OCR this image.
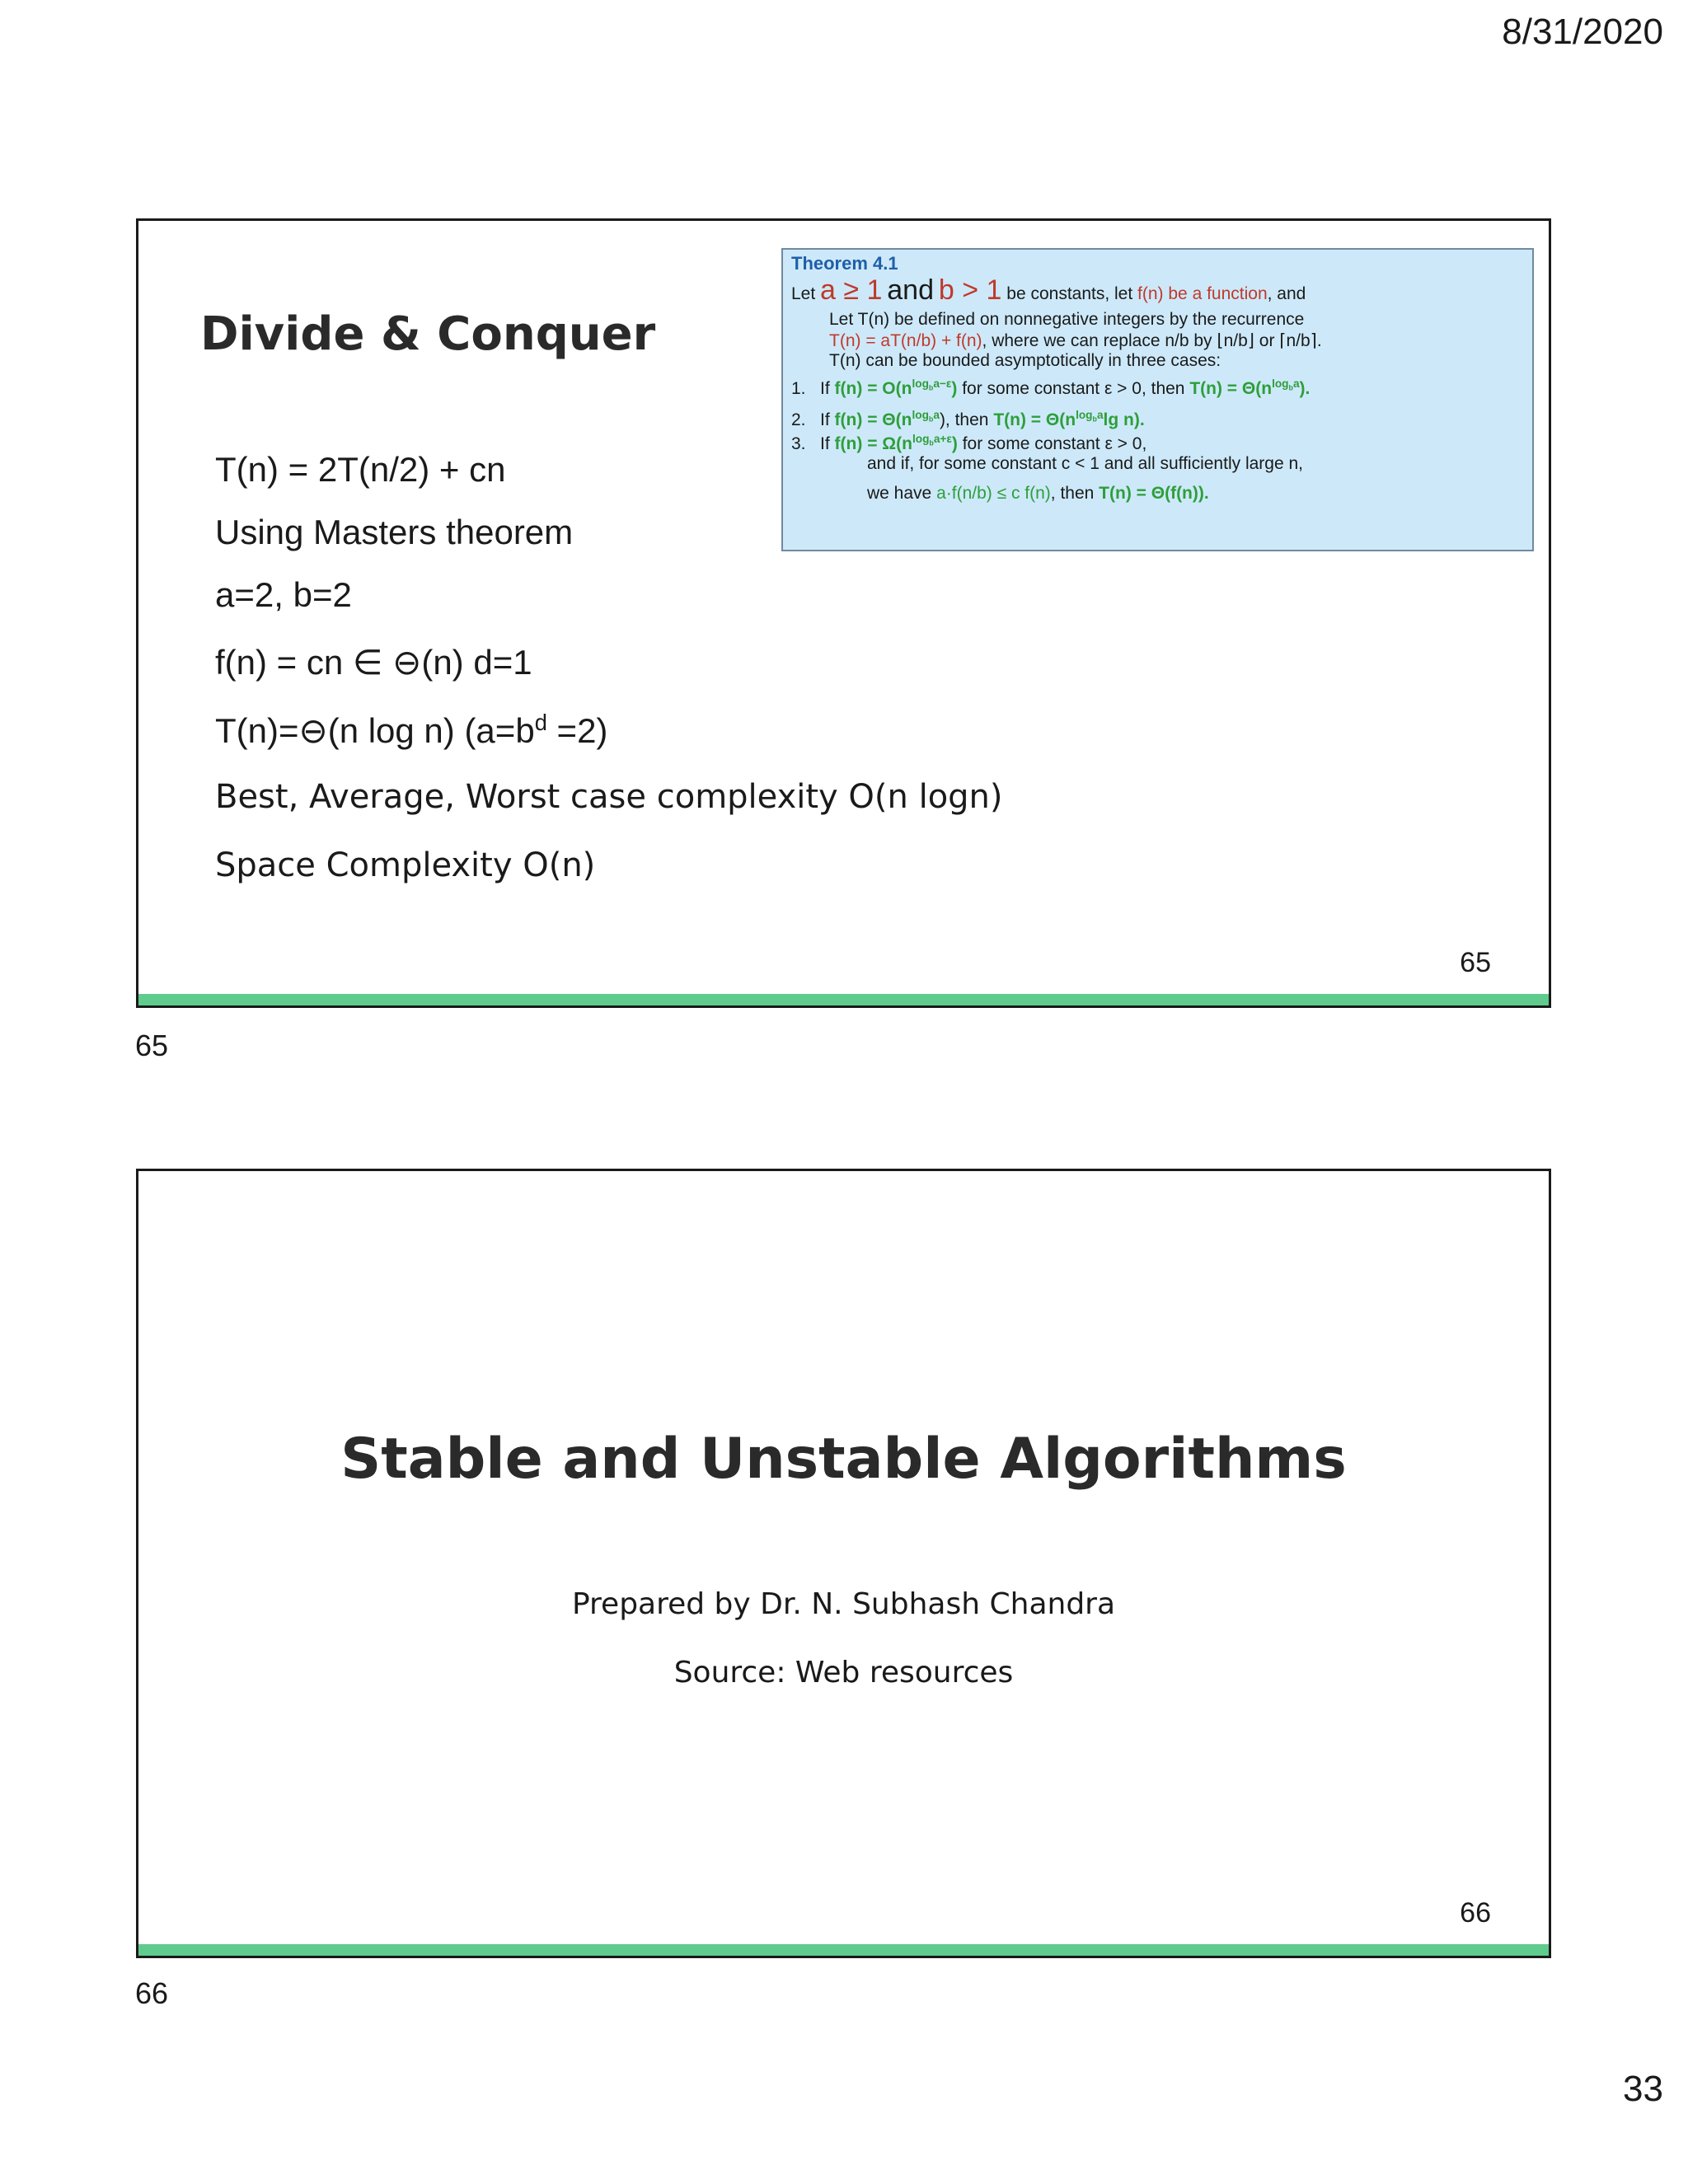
8/31/2020
Divide & Conquer
T(n) = 2T(n/2) + cn
Using Masters theorem
a=2, b=2
f(n) = cn ∈ ⊖(n) d=1
T(n)=⊖(n log n) $(a=b^d =2)$
Best, Average, Worst case complexity O(n logn)
Space Complexity O(n)
Theorem 4.1
Let a ≥ 1 and b > 1 be constants, let f(n) be a function, and
Let T(n) be defined on nonnegative integers by the recurrence
T(n) = aT(n/b) + f(n), where we can replace n/b by ⌊n/b⌋ or ⌈n/b⌉.
T(n) can be bounded asymptotically in three cases:
1. If $f(n) = O(n^{log_ba-\varepsilon})$ for some constant ε > 0, then $T(n) = \Theta(n^{log_ba})$.
2. If $f(n) = \Theta(n^{log_ba})$, then $T(n) = \Theta(n^{log_ba}\lg$ n).
3. If $f(n) = \Omega(n^{log_ba+\varepsilon})$ for some constant ε > 0,
and if, for some constant c < 1 and all sufficiently large n,
we have a·f(n/b) ≤ c f(n), then T(n) = Θ(f(n)).
65
65
Stable and Unstable Algorithms
Prepared by Dr. N. Subhash Chandra
Source: Web resources
66
66
33
